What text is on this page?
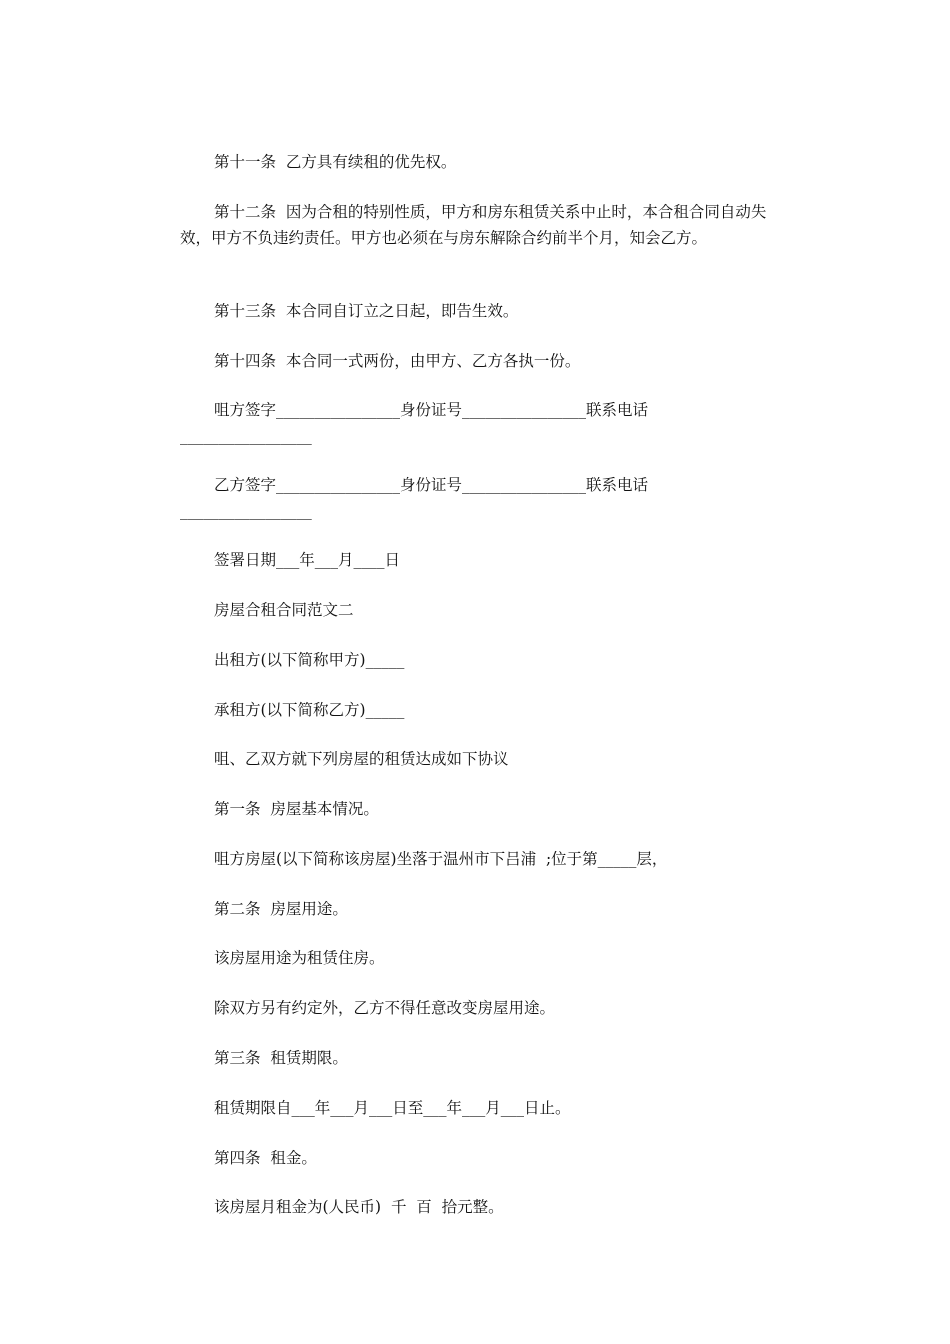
第十一条  乙方具有续租的优先权。

第十二条  因为合租的特别性质，甲方和房东租赁关系中止时，本合租合同自动失效，甲方不负违约责任。甲方也必须在与房东解除合约前半个月，知会乙方。

第十三条  本合同自订立之日起，即告生效。

第十四条  本合同一式两份，由甲方、乙方各执一份。

咀方签字________________身份证号________________联系电话_________________

乙方签字________________身份证号________________联系电话_________________

签署日期___年___月____日

房屋合租合同范文二

出租方(以下简称甲方)_____

承租方(以下简称乙方)_____

咀、乙双方就下列房屋的租赁达成如下协议

第一条  房屋基本情况。

咀方房屋(以下简称该房屋)坐落于温州市下吕浦  ;位于第_____层，

第二条  房屋用途。

该房屋用途为租赁住房。

除双方另有约定外，乙方不得任意改变房屋用途。

第三条  租赁期限。

租赁期限自___年___月___日至___年___月___日止。

第四条  租金。

该房屋月租金为(人民币)  千  百  拾元整。
